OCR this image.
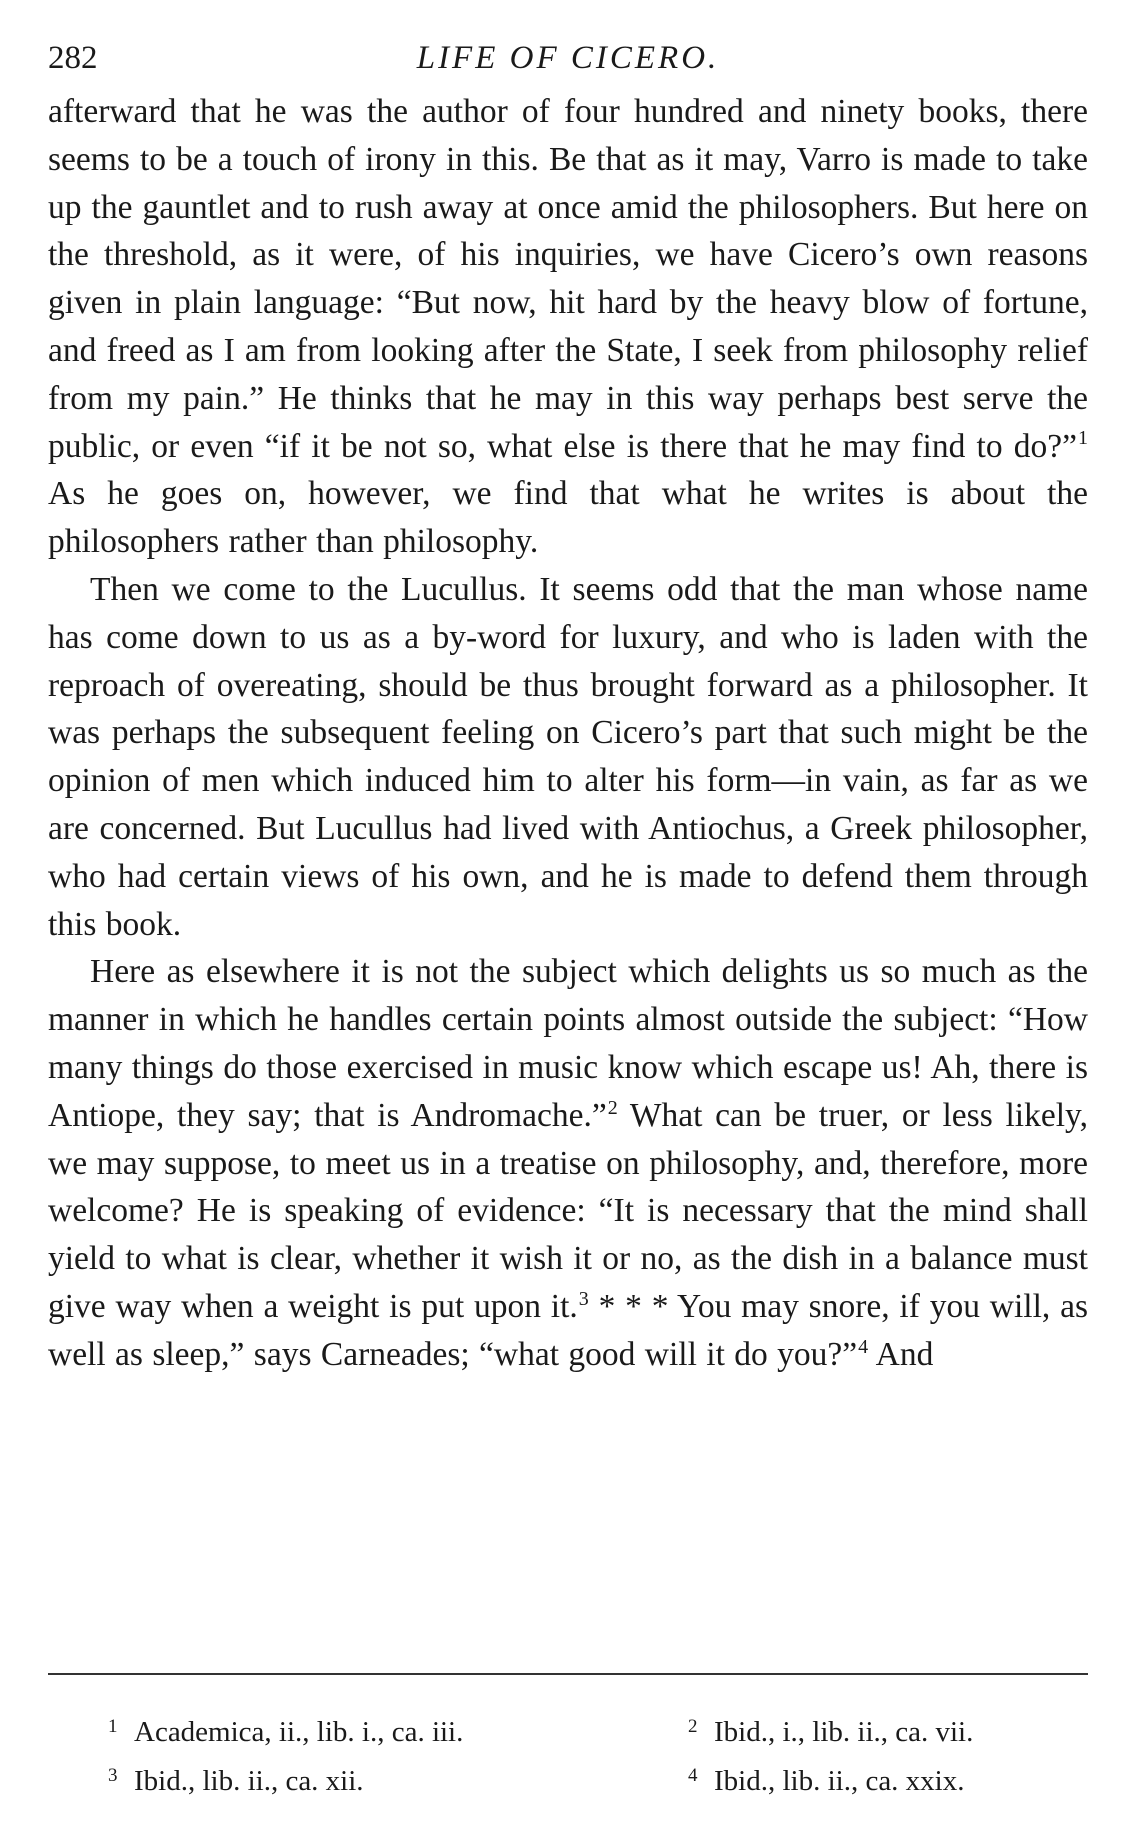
282	LIFE OF CICERO.

afterward that he was the author of four hundred and ninety books, there seems to be a touch of irony in this. Be that as it may, Varro is made to take up the gauntlet and to rush away at once amid the philosophers. But here on the threshold, as it were, of his inquiries, we have Cicero’s own reasons given in plain language: “But now, hit hard by the heavy blow of fortune, and freed as I am from looking after the State, I seek from philosophy relief from my pain.” He thinks that he may in this way perhaps best serve the public, or even “if it be not so, what else is there that he may find to do?”$^1$ As he goes on, however, we find that what he writes is about the philosophers rather than philosophy.

Then we come to the Lucullus. It seems odd that the man whose name has come down to us as a by-word for luxury, and who is laden with the reproach of overeating, should be thus brought forward as a philosopher. It was perhaps the subsequent feeling on Cicero’s part that such might be the opinion of men which induced him to alter his form—in vain, as far as we are concerned. But Lucullus had lived with Antiochus, a Greek philosopher, who had certain views of his own, and he is made to defend them through this book.

Here as elsewhere it is not the subject which delights us so much as the manner in which he handles certain points almost outside the subject: “How many things do those exercised in music know which escape us! Ah, there is Antiope, they say; that is Andromache.”$^2$ What can be truer, or less likely, we may suppose, to meet us in a treatise on philosophy, and, therefore, more welcome? He is speaking of evidence: “It is necessary that the mind shall yield to what is clear, whether it wish it or no, as the dish in a balance must give way when a weight is put upon it.$^3$ * * * You may snore, if you will, as well as sleep,” says Carneades; “what good will it do you?”$^4$ And

1 Academica, ii., lib. i., ca. iii.
3 Ibid., lib. ii., ca. xii.
2 Ibid., i., lib. ii., ca. vii.
4 Ibid., lib. ii., ca. xxix.
